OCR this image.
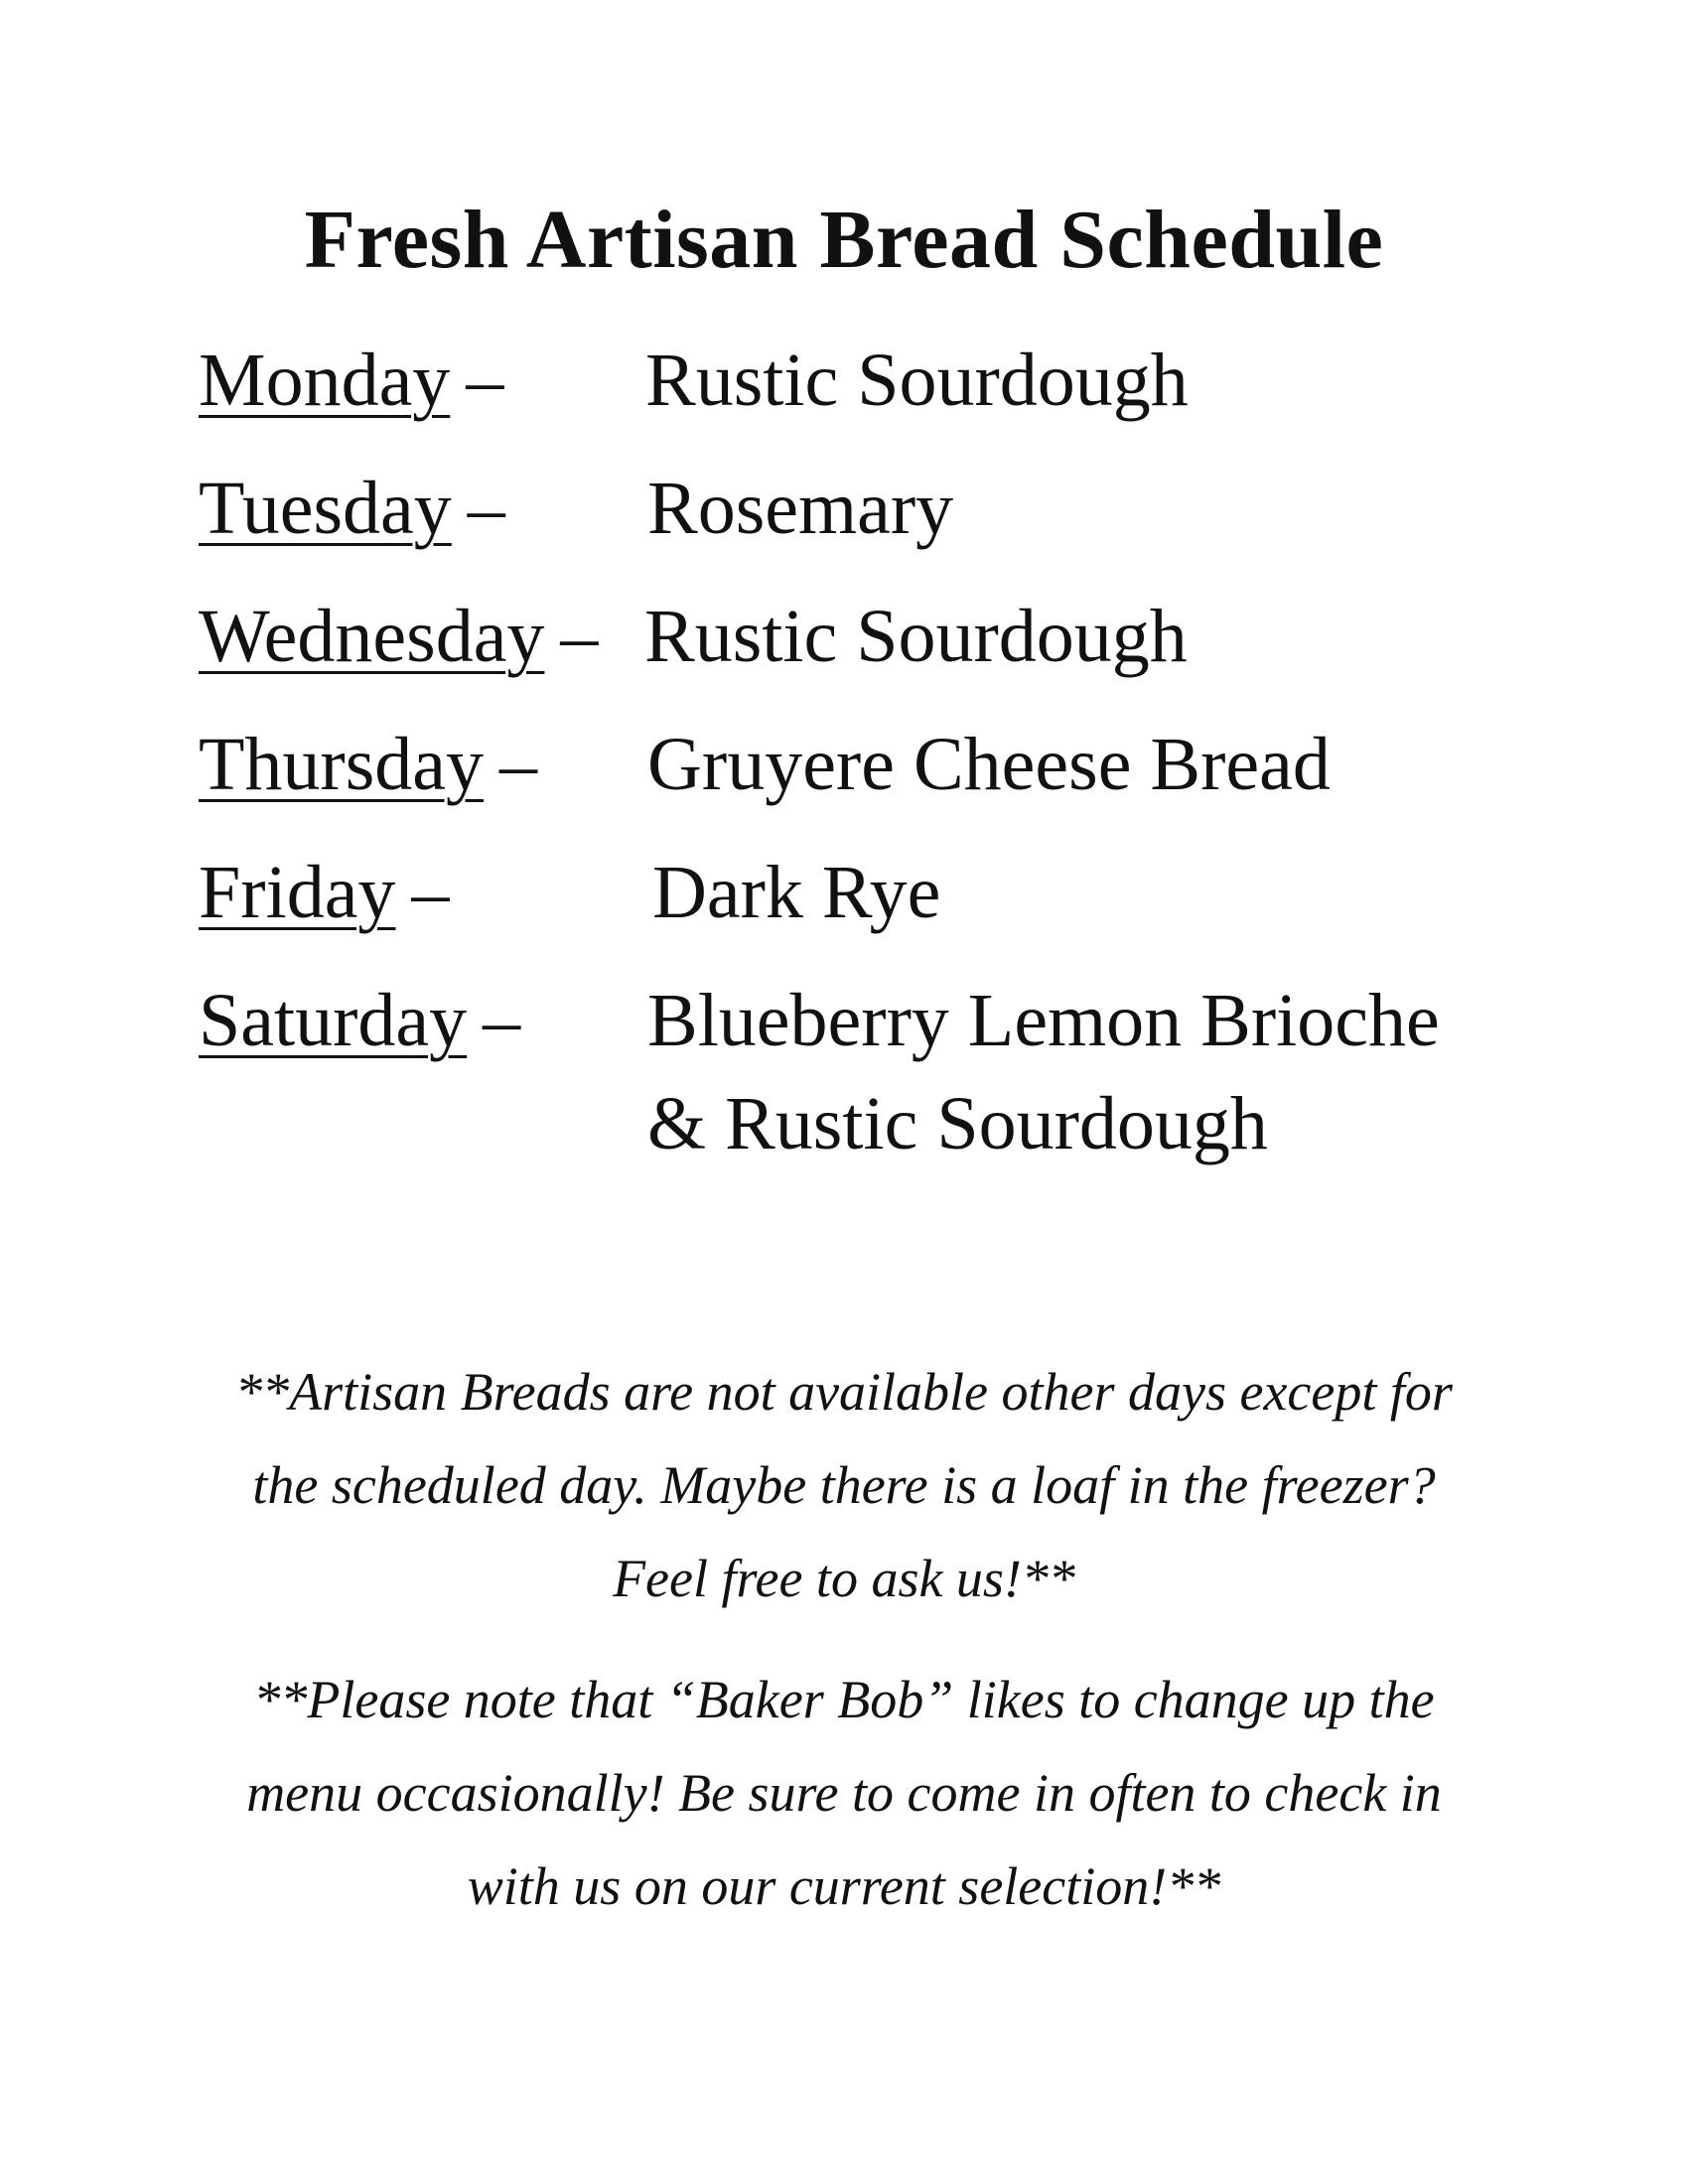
Fresh Artisan Bread Schedule
Monday – Rustic Sourdough
Tuesday – Rosemary
Wednesday – Rustic Sourdough
Thursday – Gruyere Cheese Bread
Friday –	Dark Rye
Saturday – Blueberry Lemon Brioche
& Rustic Sourdough

**Artisan Breads are not available other days except for the scheduled day. Maybe there is a loaf in the freezer? Feel free to ask us!**

**Please note that “Baker Bob” likes to change up the menu occasionally! Be sure to come in often to check in with us on our current selection!**
